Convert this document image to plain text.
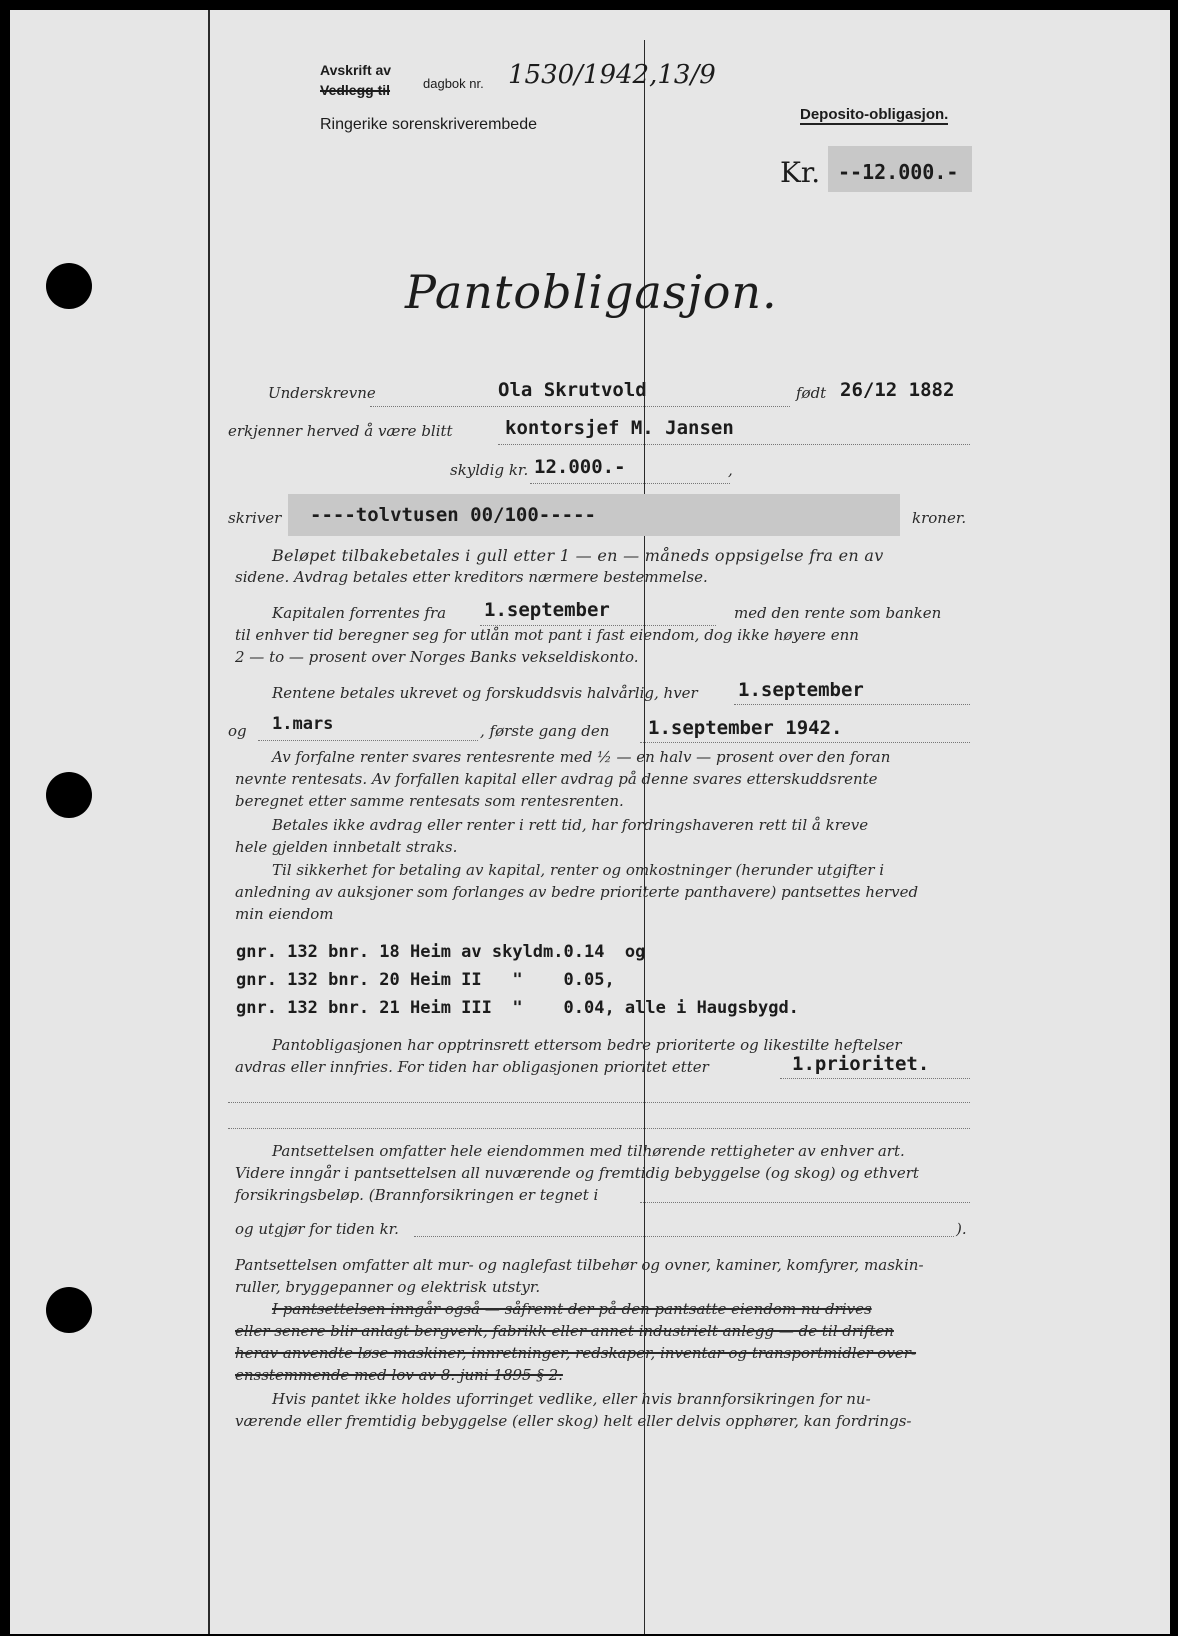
Avskrift av
Vedlegg til	dagbok nr. 1530/1942,13/9
Ringerike sorenskriverembede
Deposito-obligasjon.
Kr. --12.000.-
Pantobligasjon.
Underskrevne	Ola Skrutvold	født 26/12 1882
erkjenner herved å være blitt	kontorsjef M. Jansen
skyldig kr. 12.000.-	,
skriver ----tolvtusen 00/100-----	kroner.
Beløpet tilbakebetales i gull etter 1 — en — måneds oppsigelse fra en av
sidene. Avdrag betales etter kreditors nærmere bestemmelse.
Kapitalen forrentes fra 1.september	med den rente som banken
til enhver tid beregner seg for utlån mot pant i fast eiendom, dog ikke høyere enn
2 — to — prosent over Norges Banks vekseldiskonto.
Rentene betales ukrevet og forskuddsvis halvårlig, hver 1.september
og 1.mars	, første gang den 1.september 1942.
Av forfalne renter svares rentesrente med ½ — en halv — prosent over den foran
nevnte rentesats. Av forfallen kapital eller avdrag på denne svares etterskuddsrente
beregnet etter samme rentesats som rentesrenten.
Betales ikke avdrag eller renter i rett tid, har fordringshaveren rett til å kreve
hele gjelden innbetalt straks.
Til sikkerhet for betaling av kapital, renter og omkostninger (herunder utgifter i
anledning av auksjoner som forlanges av bedre prioriterte panthavere) pantsettes herved
min eiendom
gnr. 132 bnr. 18 Heim av skyldm.0.14  og
gnr. 132 bnr. 20 Heim II   "    0.05,
gnr. 132 bnr. 21 Heim III  "    0.04, alle i Haugsbygd.
Pantobligasjonen har opptrinsrett ettersom bedre prioriterte og likestilte heftelser
avdras eller innfries. For tiden har obligasjonen prioritet etter	1.prioritet.
Pantsettelsen omfatter hele eiendommen med tilhørende rettigheter av enhver art.
Videre inngår i pantsettelsen all nuværende og fremtidig bebyggelse (og skog) og ethvert
forsikringsbeløp. (Brannforsikringen er tegnet i
og utgjør for tiden kr.	).
Pantsettelsen omfatter alt mur- og naglefast tilbehør og ovner, kaminer, komfyrer, maskin-
ruller, bryggepanner og elektrisk utstyr.
I pantsettelsen inngår også — såfremt der på den pantsatte eiendom nu drives
eller senere blir anlagt bergverk, fabrikk eller annet industrielt anlegg — de til driften
herav anvendte løse maskiner, innretninger, redskaper, inventar og transportmidler over-
ensstemmende med lov av 8. juni 1895 § 2.
Hvis pantet ikke holdes uforringet vedlike, eller hvis brannforsikringen for nu-
værende eller fremtidig bebyggelse (eller skog) helt eller delvis opphører, kan fordrings-
